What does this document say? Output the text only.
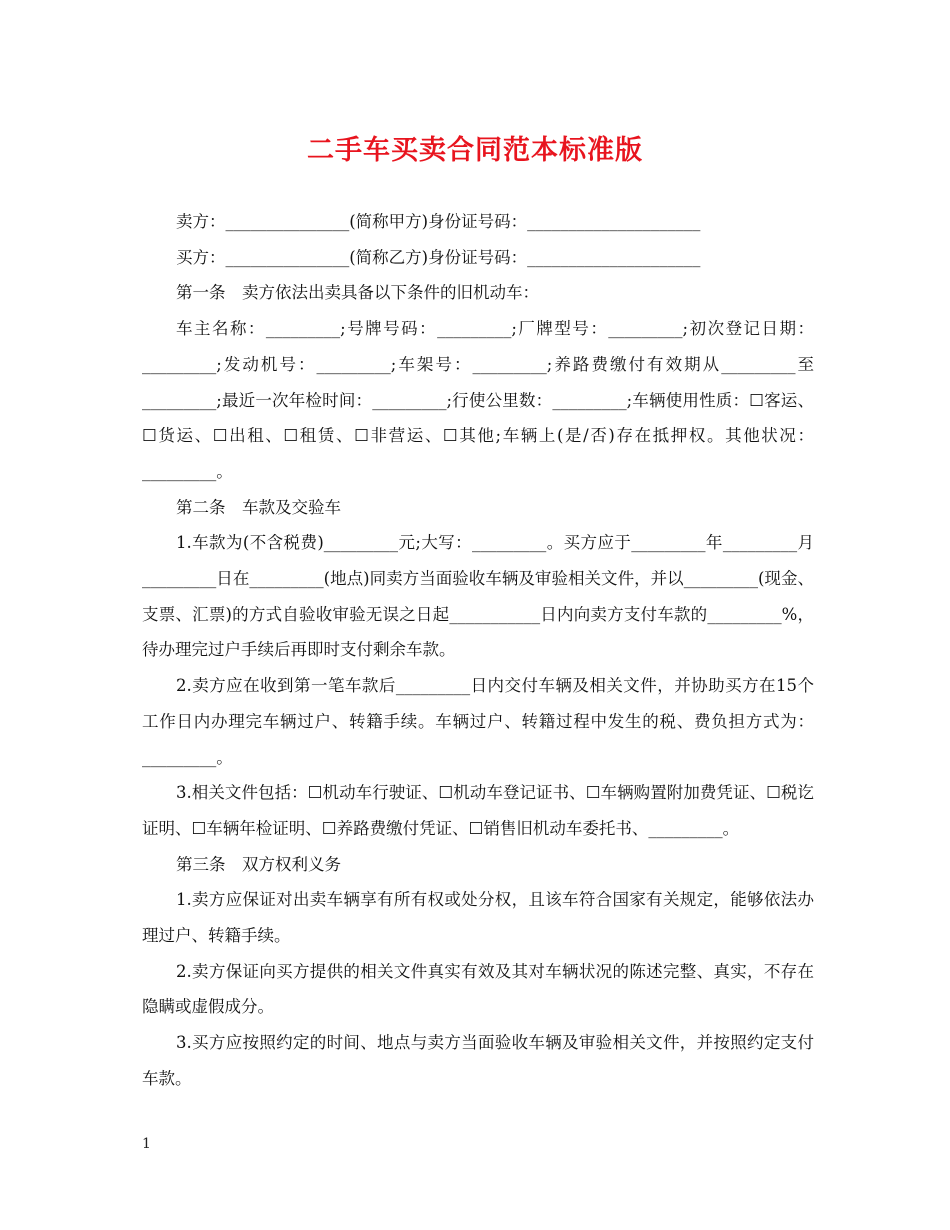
二手车买卖合同范本标准版

卖方：_______________(简称甲方)身份证号码：_____________________

买方：_______________(简称乙方)身份证号码：_____________________

第一条　卖方依法出卖具备以下条件的旧机动车：

车主名称：_________;号牌号码：_________;厂牌型号：_________;初次登记日期：_________;发动机号：_________;车架号：_________;养路费缴付有效期从_________至_________;最近一次年检时间：_________;行使公里数：_________;车辆使用性质：☐客运、☐货运、☐出租、☐租赁、☐非营运、☐其他;车辆上(是/否)存在抵押权。其他状况：_________。

第二条　车款及交验车

1.车款为(不含税费)_________元;大写：_________。买方应于_________年_________月_________日在_________(地点)同卖方当面验收车辆及审验相关文件，并以_________(现金、支票、汇票)的方式自验收审验无误之日起___________日内向卖方支付车款的_________%，待办理完过户手续后再即时支付剩余车款。

2.卖方应在收到第一笔车款后_________日内交付车辆及相关文件，并协助买方在15个工作日内办理完车辆过户、转籍手续。车辆过户、转籍过程中发生的税、费负担方式为：_________。

3.相关文件包括：☐机动车行驶证、☐机动车登记证书、☐车辆购置附加费凭证、☐税讫证明、☐车辆年检证明、☐养路费缴付凭证、☐销售旧机动车委托书、_________。

第三条　双方权利义务

1.卖方应保证对出卖车辆享有所有权或处分权，且该车符合国家有关规定，能够依法办理过户、转籍手续。

2.卖方保证向买方提供的相关文件真实有效及其对车辆状况的陈述完整、真实，不存在隐瞒或虚假成分。

3.买方应按照约定的时间、地点与卖方当面验收车辆及审验相关文件，并按照约定支付车款。

1
